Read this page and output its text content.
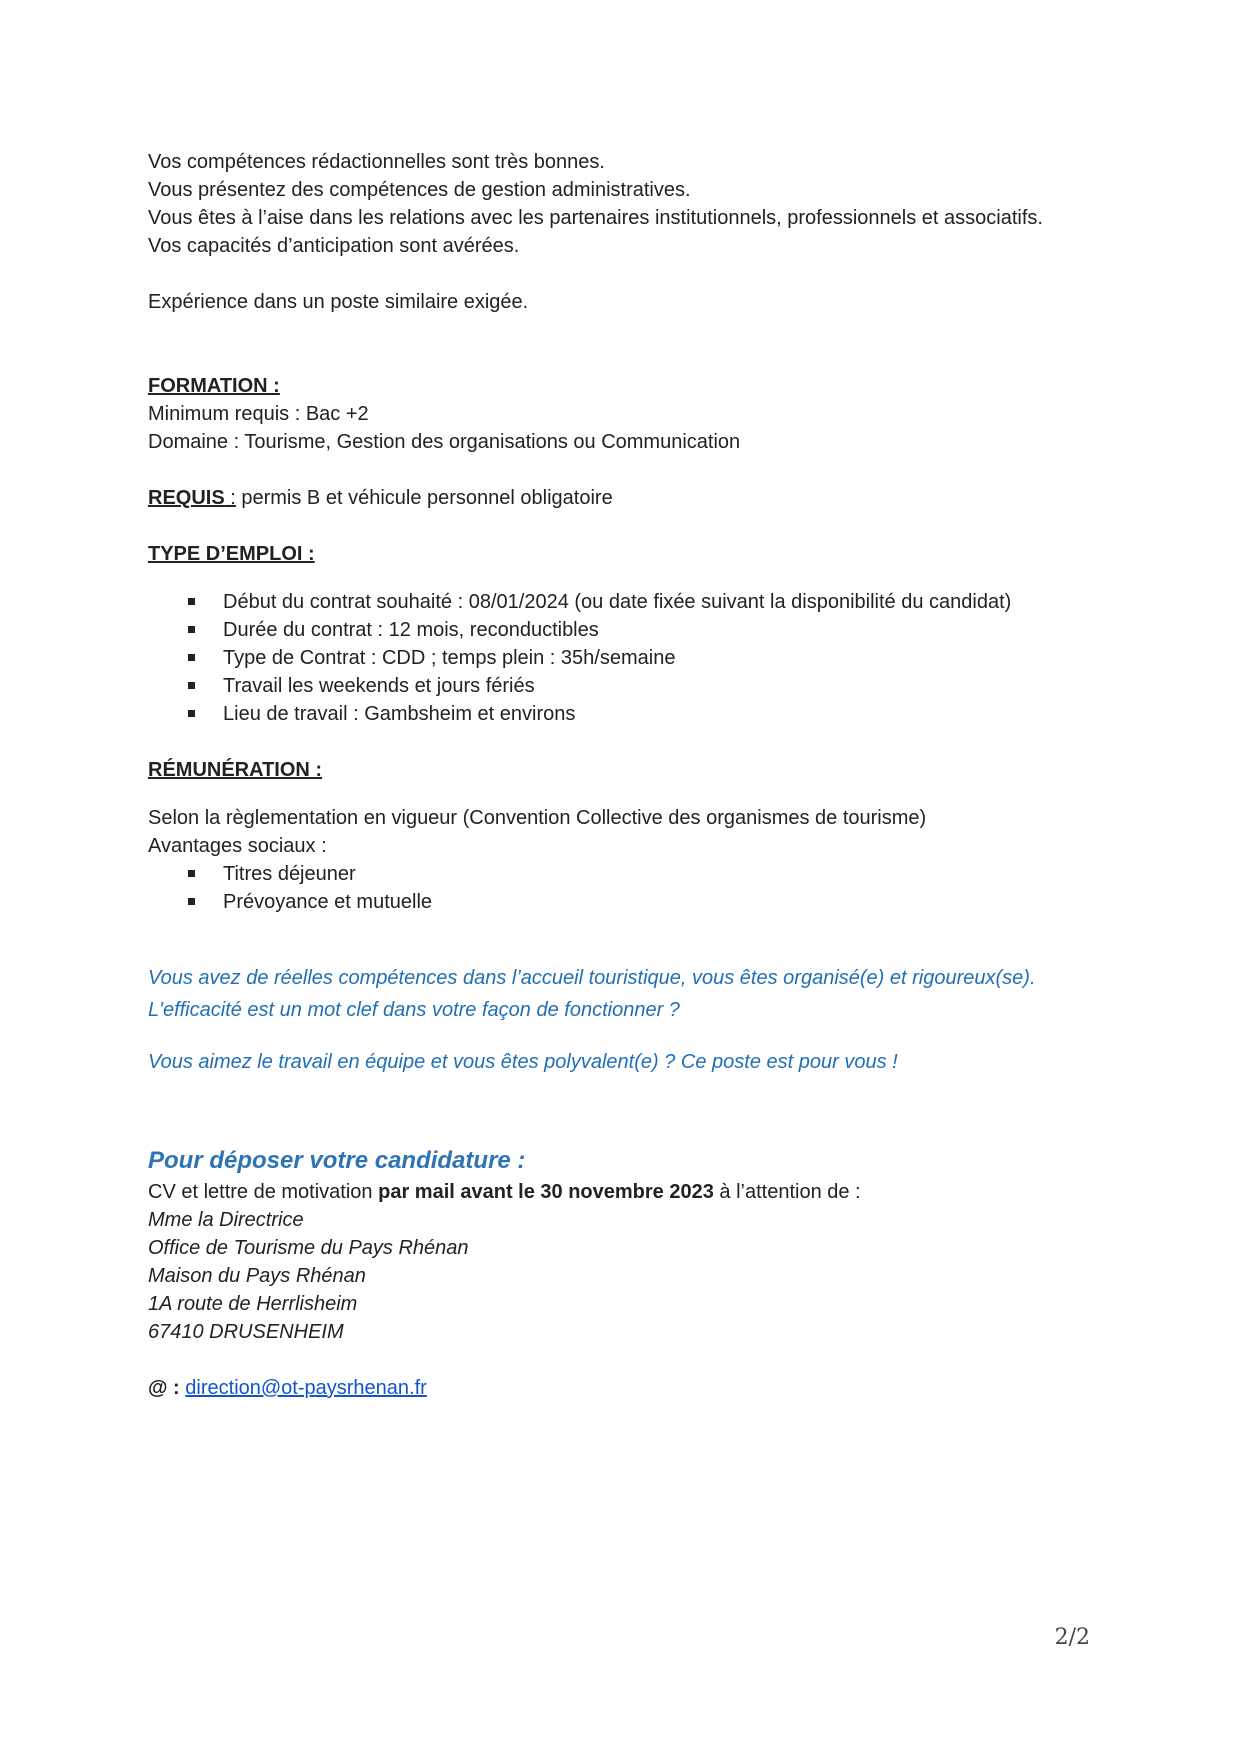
Vos compétences rédactionnelles sont très bonnes.

Vous présentez des compétences de gestion administratives.

Vous êtes à l’aise dans les relations avec les partenaires institutionnels, professionnels et associatifs.

Vos capacités d’anticipation sont avérées.

Expérience dans un poste similaire exigée.

FORMATION :

Minimum requis : Bac +2

Domaine : Tourisme, Gestion des organisations ou Communication

REQUIS : permis B et véhicule personnel obligatoire

TYPE D’EMPLOI :

Début du contrat souhaité : 08/01/2024 (ou date fixée suivant la disponibilité du candidat)
Durée du contrat : 12 mois, reconductibles
Type de Contrat : CDD ; temps plein : 35h/semaine
Travail les weekends et jours fériés
Lieu de travail : Gambsheim et environs

RÉMUNÉRATION :

Selon la règlementation en vigueur (Convention Collective des organismes de tourisme)

Avantages sociaux :

Titres déjeuner
Prévoyance et mutuelle

Vous avez de réelles compétences dans l’accueil touristique, vous êtes organisé(e) et rigoureux(se).

L'efficacité est un mot clef dans votre façon de fonctionner ?

Vous aimez le travail en équipe et vous êtes polyvalent(e) ? Ce poste est pour vous !

Pour déposer votre candidature :

CV et lettre de motivation par mail avant le 30 novembre 2023 à l’attention de :

Mme la Directrice

Office de Tourisme du Pays Rhénan

Maison du Pays Rhénan

1A route de Herrlisheim

67410 DRUSENHEIM

@ : direction@ot-paysrhenan.fr

2/2
